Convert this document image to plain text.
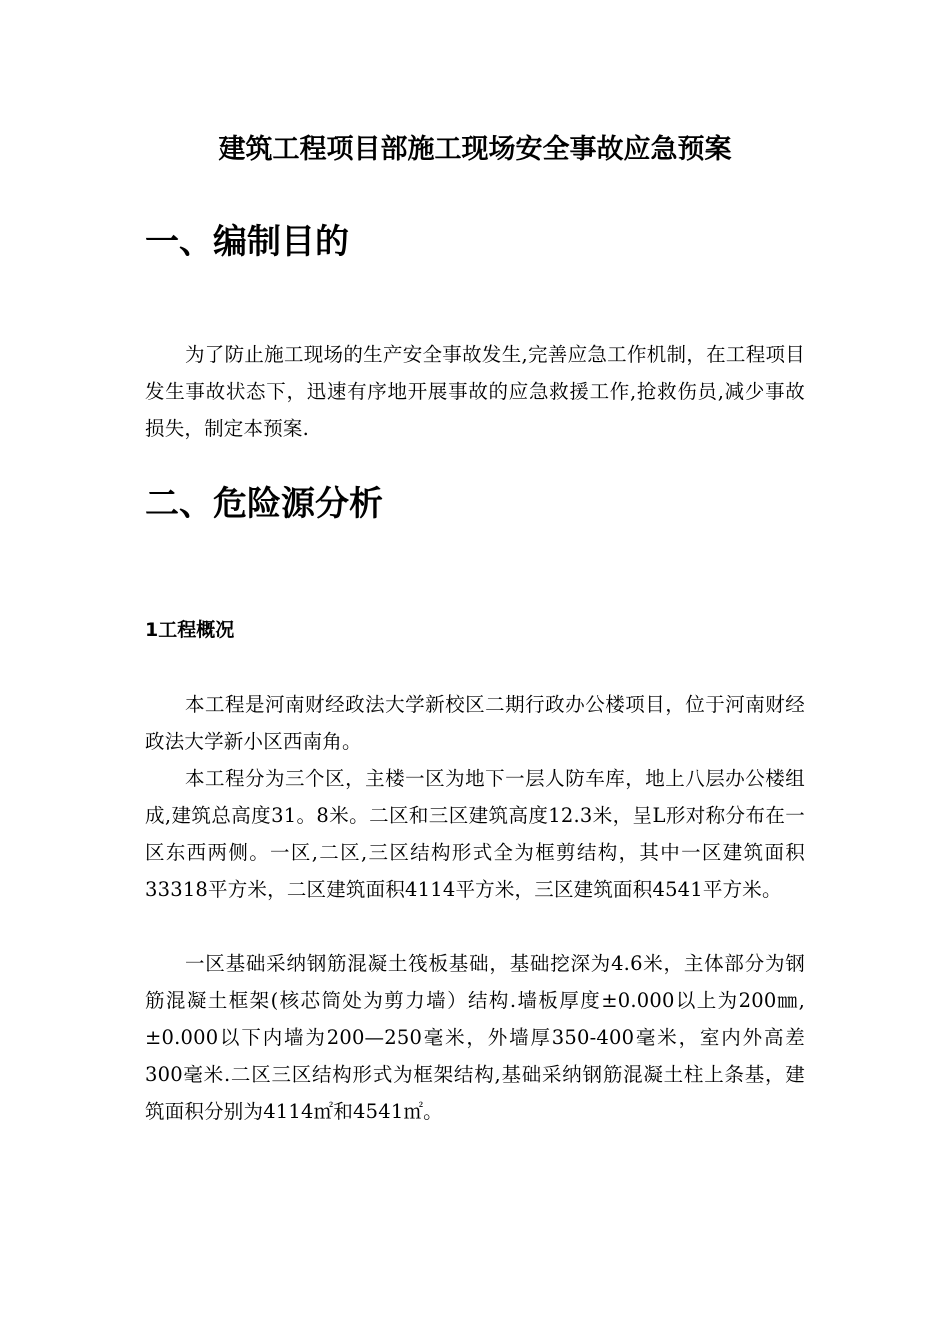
建筑工程项目部施工现场安全事故应急预案
一、编制目的

为了防止施工现场的生产安全事故发生,完善应急工作机制，在工程项目发生事故状态下，迅速有序地开展事故的应急救援工作,抢救伤员,减少事故损失，制定本预案.

二、危险源分析
1工程概况

本工程是河南财经政法大学新校区二期行政办公楼项目，位于河南财经政法大学新小区西南角。

本工程分为三个区，主楼一区为地下一层人防车库，地上八层办公楼组成,建筑总高度31。8米。二区和三区建筑高度12.3米，呈L形对称分布在一区东西两侧。一区,二区,三区结构形式全为框剪结构，其中一区建筑面积33318平方米，二区建筑面积4114平方米，三区建筑面积4541平方米。

一区基础采纳钢筋混凝土筏板基础，基础挖深为4.6米，主体部分为钢筋混凝土框架(核芯筒处为剪力墙）结构.墙板厚度±0.000以上为200㎜,±0.000以下内墙为200—250毫米，外墙厚350-400毫米，室内外高差300毫米.二区三区结构形式为框架结构,基础采纳钢筋混凝土柱上条基，建筑面积分别为4114㎡和4541㎡。
